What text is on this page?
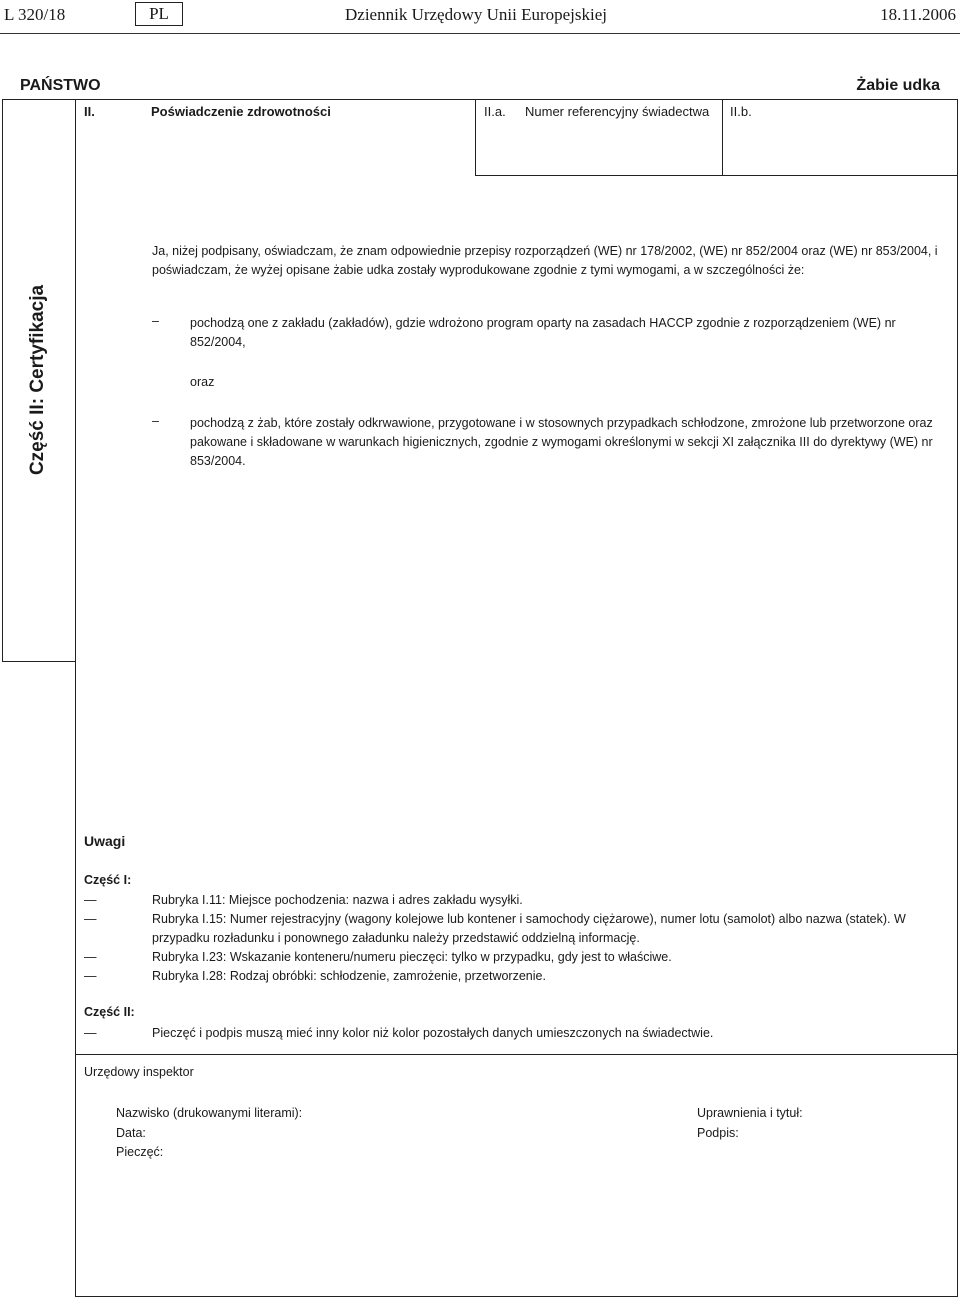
L 320/18	PL	Dziennik Urzędowy Unii Europejskiej	18.11.2006
PAŃSTWO	Żabie udka
II.	Poświadczenie zdrowotności	II.a. Numer referencyjny świadectwa II.b.
Część II: Certyfikacja
Ja, niżej podpisany, oświadczam, że znam odpowiednie przepisy rozporządzeń (WE) nr 178/2002, (WE) nr 852/2004 oraz (WE) nr 853/2004, i poświadczam, że wyżej opisane żabie udka zostały wyprodukowane zgodnie z tymi wymogami, a w szczególności że:
– pochodzą one z zakładu (zakładów), gdzie wdrożono program oparty na zasadach HACCP zgodnie z rozporządzeniem (WE) nr 852/2004,
oraz
– pochodzą z żab, które zostały odkrwawione, przygotowane i w stosownych przypadkach schłodzone, zmrożone lub przetworzone oraz pakowane i składowane w warunkach higienicznych, zgodnie z wymogami określonymi w sekcji XI załącznika III do dyrektywy (WE) nr 853/2004.
Uwagi
Część I:
—	Rubryka I.11: Miejsce pochodzenia: nazwa i adres zakładu wysyłki.
—	Rubryka I.15: Numer rejestracyjny (wagony kolejowe lub kontener i samochody ciężarowe), numer lotu (samolot) albo nazwa (statek). W przypadku rozładunku i ponownego załadunku należy przedstawić oddzielną informację.
—	Rubryka I.23: Wskazanie konteneru/numeru pieczęci: tylko w przypadku, gdy jest to właściwe.
—	Rubryka I.28: Rodzaj obróbki: schłodzenie, zamrożenie, przetworzenie.
Część II:
—	Pieczęć i podpis muszą mieć inny kolor niż kolor pozostałych danych umieszczonych na świadectwie.
Urzędowy inspektor
Nazwisko (drukowanymi literami):
Data:
Pieczęć:
Uprawnienia i tytuł:
Podpis:
